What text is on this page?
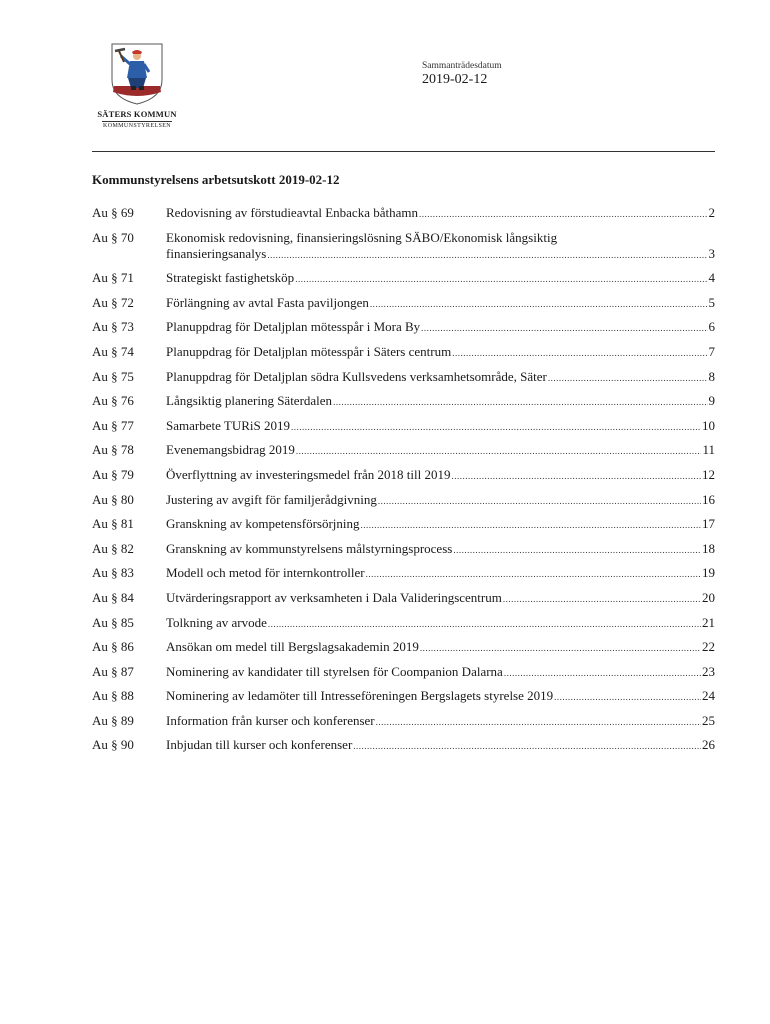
SÄTERS KOMMUN
KOMMUNSTYRELSEN
Sammanträdesdatum
2019-02-12
Kommunstyrelsens arbetsutskott 2019-02-12
Au § 69	Redovisning av förstudieavtal Enbacka båthamn .....	2
Au § 70	Ekonomisk redovisning, finansieringslösning SÄBO/Ekonomisk långsiktig
finansieringsanalys .....	3
Au § 71	Strategiskt fastighetsköp .....	4
Au § 72	Förlängning av avtal Fasta paviljongen .....	5
Au § 73	Planuppdrag för Detaljplan mötesspår i Mora By .....	6
Au § 74	Planuppdrag för Detaljplan mötesspår i Säters centrum .....	7
Au § 75	Planuppdrag för Detaljplan södra Kullsvedens verksamhetsområde, Säter .....	8
Au § 76	Långsiktig planering Säterdalen .....	9
Au § 77	Samarbete TURiS 2019 .....	10
Au § 78	Evenemangsbidrag 2019 .....	11
Au § 79	Överflyttning av investeringsmedel från 2018 till 2019 .....	12
Au § 80	Justering av avgift för familjerådgivning .....	16
Au § 81	Granskning av kompetensförsörjning .....	17
Au § 82	Granskning av kommunstyrelsens målstyrningsprocess .....	18
Au § 83	Modell och metod för internkontroller .....	19
Au § 84	Utvärderingsrapport av verksamheten i Dala Valideringscentrum .....	20
Au § 85	Tolkning av arvode .....	21
Au § 86	Ansökan om medel till Bergslagsakademin 2019 .....	22
Au § 87	Nominering av kandidater till styrelsen för Coompanion Dalarna .....	23
Au § 88	Nominering av ledamöter till Intresseföreningen Bergslagets styrelse 2019 .....	24
Au § 89	Information från kurser och konferenser .....	25
Au § 90	Inbjudan till kurser och konferenser .....	26
